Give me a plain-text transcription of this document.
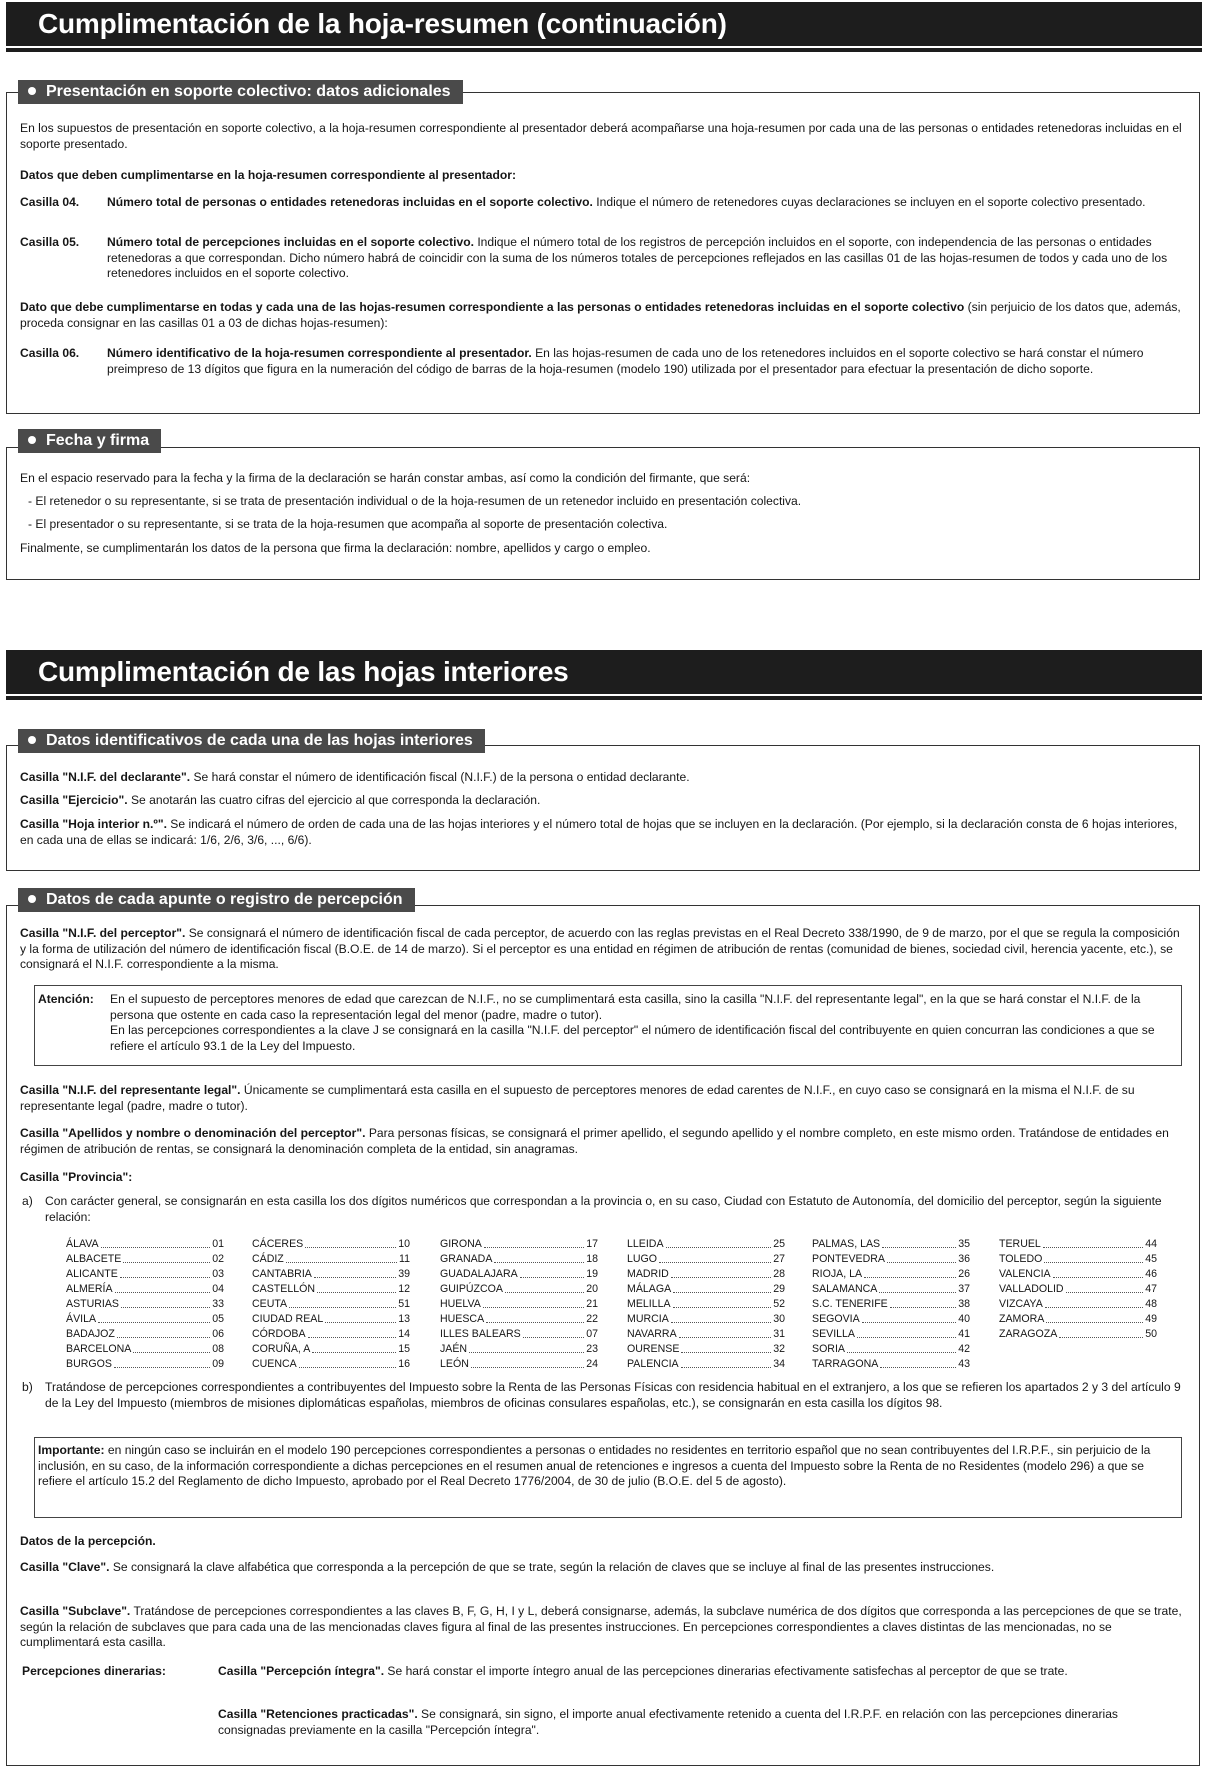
Cumplimentación de la hoja-resumen (continuación)
Presentación en soporte colectivo: datos adicionales
En los supuestos de presentación en soporte colectivo, a la hoja-resumen correspondiente al presentador deberá acompañarse una hoja-resumen por cada una de las personas o entidades retenedoras incluidas en el soporte presentado.
Datos que deben cumplimentarse en la hoja-resumen correspondiente al presentador:
Casilla 04. Número total de personas o entidades retenedoras incluidas en el soporte colectivo. Indique el número de retenedores cuyas declaraciones se incluyen en el soporte colectivo presentado.
Casilla 05. Número total de percepciones incluidas en el soporte colectivo. Indique el número total de los registros de percepción incluidos en el soporte, con independencia de las personas o entidades retenedoras a que correspondan. Dicho número habrá de coincidir con la suma de los números totales de percepciones reflejados en las casillas 01 de las hojas-resumen de todos y cada uno de los retenedores incluidos en el soporte colectivo.
Dato que debe cumplimentarse en todas y cada una de las hojas-resumen correspondiente a las personas o entidades retenedoras incluidas en el soporte colectivo (sin perjuicio de los datos que, además, proceda consignar en las casillas 01 a 03 de dichas hojas-resumen):
Casilla 06. Número identificativo de la hoja-resumen correspondiente al presentador. En las hojas-resumen de cada uno de los retenedores incluidos en el soporte colectivo se hará constar el número preimpreso de 13 dígitos que figura en la numeración del código de barras de la hoja-resumen (modelo 190) utilizada por el presentador para efectuar la presentación de dicho soporte.
Fecha y firma
En el espacio reservado para la fecha y la firma de la declaración se harán constar ambas, así como la condición del firmante, que será:
- El retenedor o su representante, si se trata de presentación individual o de la hoja-resumen de un retenedor incluido en presentación colectiva.
- El presentador o su representante, si se trata de la hoja-resumen que acompaña al soporte de presentación colectiva.
Finalmente, se cumplimentarán los datos de la persona que firma la declaración: nombre, apellidos y cargo o empleo.
Cumplimentación de las hojas interiores
Datos identificativos de cada una de las hojas interiores
Casilla "N.I.F. del declarante". Se hará constar el número de identificación fiscal (N.I.F.) de la persona o entidad declarante.
Casilla "Ejercicio". Se anotarán las cuatro cifras del ejercicio al que corresponda la declaración.
Casilla "Hoja interior n.º". Se indicará el número de orden de cada una de las hojas interiores y el número total de hojas que se incluyen en la declaración. (Por ejemplo, si la declaración consta de 6 hojas interiores, en cada una de ellas se indicará: 1/6, 2/6, 3/6, ..., 6/6).
Datos de cada apunte o registro de percepción
Casilla "N.I.F. del perceptor". Se consignará el número de identificación fiscal de cada perceptor, de acuerdo con las reglas previstas en el Real Decreto 338/1990, de 9 de marzo, por el que se regula la composición y la forma de utilización del número de identificación fiscal (B.O.E. de 14 de marzo). Si el perceptor es una entidad en régimen de atribución de rentas (comunidad de bienes, sociedad civil, herencia yacente, etc.), se consignará el N.I.F. correspondiente a la misma.
Atención: En el supuesto de perceptores menores de edad que carezcan de N.I.F., no se cumplimentará esta casilla, sino la casilla "N.I.F. del representante legal", en la que se hará constar el N.I.F. de la persona que ostente en cada caso la representación legal del menor (padre, madre o tutor).
En las percepciones correspondientes a la clave J se consignará en la casilla "N.I.F. del perceptor" el número de identificación fiscal del contribuyente en quien concurran las condiciones a que se refiere el artículo 93.1 de la Ley del Impuesto.
Casilla "N.I.F. del representante legal". Únicamente se cumplimentará esta casilla en el supuesto de perceptores menores de edad carentes de N.I.F., en cuyo caso se consignará en la misma el N.I.F. de su representante legal (padre, madre o tutor).
Casilla "Apellidos y nombre o denominación del perceptor". Para personas físicas, se consignará el primer apellido, el segundo apellido y el nombre completo, en este mismo orden. Tratándose de entidades en régimen de atribución de rentas, se consignará la denominación completa de la entidad, sin anagramas.
Casilla "Provincia":
a) Con carácter general, se consignarán en esta casilla los dos dígitos numéricos que correspondan a la provincia o, en su caso, Ciudad con Estatuto de Autonomía, del domicilio del perceptor, según la siguiente relación:
ÁLAVA	01
ALBACETE	02
ALICANTE	03
ALMERÍA	04
ASTURIAS	33
ÁVILA	05
BADAJOZ	06
BARCELONA	08
BURGOS	09
CÁCERES	10
CÁDIZ	11
CANTABRIA	39
CASTELLÓN	12
CEUTA	51
CIUDAD REAL	13
CÓRDOBA	14
CORUÑA, A	15
CUENCA	16
GIRONA	17
GRANADA	18
GUADALAJARA	19
GUIPÚZCOA	20
HUELVA	21
HUESCA	22
ILLES BALEARS	07
JAÉN	23
LEÓN	24
LLEIDA	25
LUGO	27
MADRID	28
MÁLAGA	29
MELILLA	52
MURCIA	30
NAVARRA	31
OURENSE	32
PALENCIA	34
PALMAS, LAS	35
PONTEVEDRA	36
RIOJA, LA	26
SALAMANCA	37
S.C. TENERIFE	38
SEGOVIA	40
SEVILLA	41
SORIA	42
TARRAGONA	43
TERUEL	44
TOLEDO	45
VALENCIA	46
VALLADOLID	47
VIZCAYA	48
ZAMORA	49
ZARAGOZA	50
b) Tratándose de percepciones correspondientes a contribuyentes del Impuesto sobre la Renta de las Personas Físicas con residencia habitual en el extranjero, a los que se refieren los apartados 2 y 3 del artículo 9 de la Ley del Impuesto (miembros de misiones diplomáticas españolas, miembros de oficinas consulares españolas, etc.), se consignarán en esta casilla los dígitos 98.
Importante: en ningún caso se incluirán en el modelo 190 percepciones correspondientes a personas o entidades no residentes en territorio español que no sean contribuyentes del I.R.P.F., sin perjuicio de la inclusión, en su caso, de la información correspondiente a dichas percepciones en el resumen anual de retenciones e ingresos a cuenta del Impuesto sobre la Renta de no Residentes (modelo 296) a que se refiere el artículo 15.2 del Reglamento de dicho Impuesto, aprobado por el Real Decreto 1776/2004, de 30 de julio (B.O.E. del 5 de agosto).
Datos de la percepción.
Casilla "Clave". Se consignará la clave alfabética que corresponda a la percepción de que se trate, según la relación de claves que se incluye al final de las presentes instrucciones.
Casilla "Subclave". Tratándose de percepciones correspondientes a las claves B, F, G, H, I y L, deberá consignarse, además, la subclave numérica de dos dígitos que corresponda a las percepciones de que se trate, según la relación de subclaves que para cada una de las mencionadas claves figura al final de las presentes instrucciones. En percepciones correspondientes a claves distintas de las mencionadas, no se cumplimentará esta casilla.
Percepciones dinerarias:	Casilla "Percepción íntegra". Se hará constar el importe íntegro anual de las percepciones dinerarias efectivamente satisfechas al perceptor de que se trate.
Casilla "Retenciones practicadas". Se consignará, sin signo, el importe anual efectivamente retenido a cuenta del I.R.P.F. en relación con las percepciones dinerarias consignadas previamente en la casilla "Percepción íntegra".
